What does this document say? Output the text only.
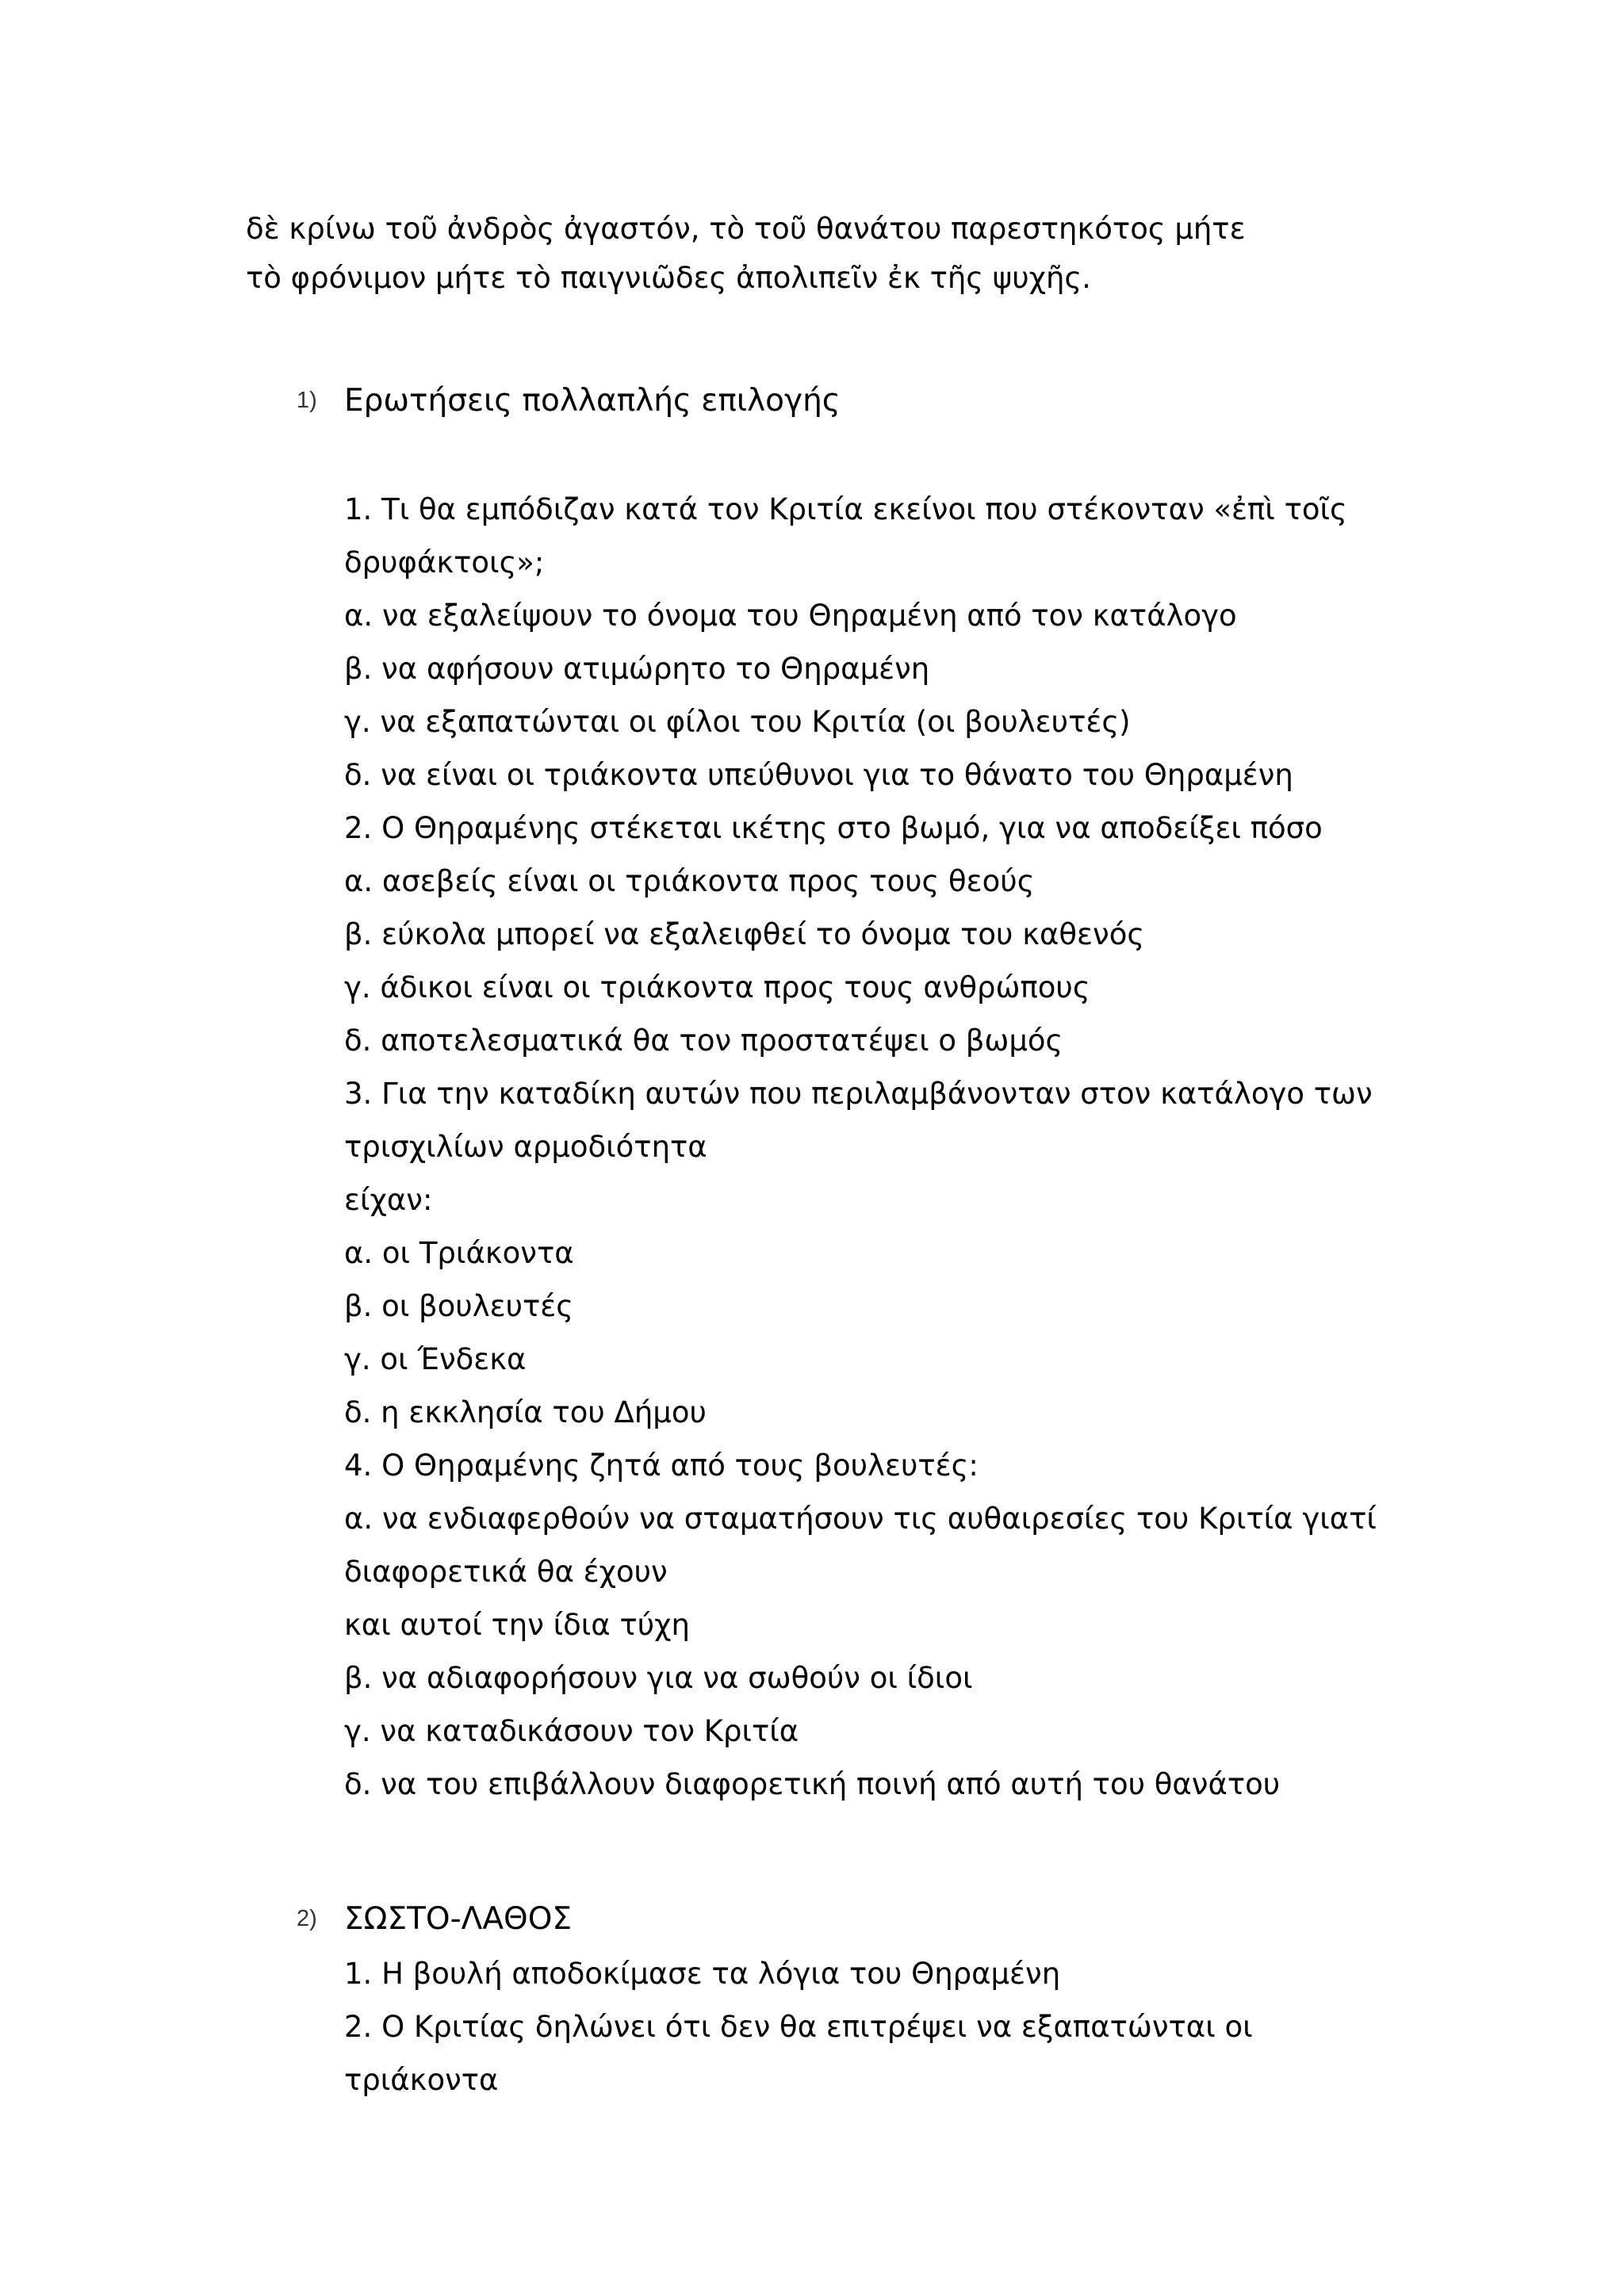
δὲ κρίνω τοῦ ἀνδρὸς ἀγαστόν, τὸ τοῦ θανάτου παρεστηκότος μήτε

τὸ φρόνιμον μήτε τὸ παιγνιῶδες ἀπολιπεῖν ἐκ τῆς ψυχῆς.

1) Ερωτήσεις πολλαπλής επιλογής

1. Τι θα εμπόδιζαν κατά τον Κριτία εκείνοι που στέκονταν «ἐπὶ τοῖς

δρυφάκτοις»;

α. να εξαλείψουν το όνομα του Θηραμένη από τον κατάλογο

β. να αφήσουν ατιμώρητο το Θηραμένη

γ. να εξαπατώνται οι φίλοι του Κριτία (οι βουλευτές)

δ. να είναι οι τριάκοντα υπεύθυνοι για το θάνατο του Θηραμένη

2. Ο Θηραμένης στέκεται ικέτης στο βωμό, για να αποδείξει πόσο

α. ασεβείς είναι οι τριάκοντα προς τους θεούς

β. εύκολα μπορεί να εξαλειφθεί το όνομα του καθενός

γ. άδικοι είναι οι τριάκοντα προς τους ανθρώπους

δ. αποτελεσματικά θα τον προστατέψει ο βωμός

3. Για την καταδίκη αυτών που περιλαμβάνονταν στον κατάλογο των

τρισχιλίων αρμοδιότητα

είχαν:

α. οι Τριάκοντα

β. οι βουλευτές

γ. οι Ένδεκα

δ. η εκκλησία του Δήμου

4. Ο Θηραμένης ζητά από τους βουλευτές:

α. να ενδιαφερθούν να σταματήσουν τις αυθαιρεσίες του Κριτία γιατί

διαφορετικά θα έχουν

και αυτοί την ίδια τύχη

β. να αδιαφορήσουν για να σωθούν οι ίδιοι

γ. να καταδικάσουν τον Κριτία

δ. να του επιβάλλουν διαφορετική ποινή από αυτή του θανάτου

2) ΣΩΣΤΟ-ΛΑΘΟΣ

1. Η βουλή αποδοκίμασε τα λόγια του Θηραμένη

2. Ο Κριτίας δηλώνει ότι δεν θα επιτρέψει να εξαπατώνται οι

τριάκοντα
